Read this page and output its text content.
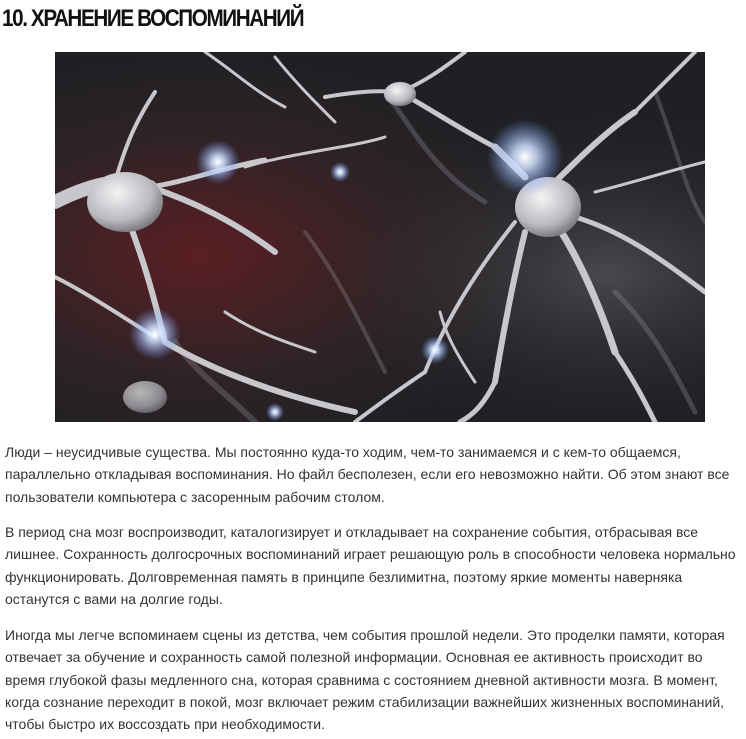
10. ХРАНЕНИЕ ВОСПОМИНАНИЙ

Люди – неусидчивые существа. Мы постоянно куда-то ходим, чем-то занимаемся и с кем-то общаемся, параллельно откладывая воспоминания. Но файл бесполезен, если его невозможно найти. Об этом знают все пользователи компьютера с засоренным рабочим столом.

В период сна мозг воспроизводит, каталогизирует и откладывает на сохранение события, отбрасывая все лишнее. Сохранность долгосрочных воспоминаний играет решающую роль в способности человека нормально функционировать. Долговременная память в принципе безлимитна, поэтому яркие моменты наверняка останутся с вами на долгие годы.

Иногда мы легче вспоминаем сцены из детства, чем события прошлой недели. Это проделки памяти, которая отвечает за обучение и сохранность самой полезной информации. Основная ее активность происходит во время глубокой фазы медленного сна, которая сравнима с состоянием дневной активности мозга. В момент, когда сознание переходит в покой, мозг включает режим стабилизации важнейших жизненных воспоминаний, чтобы быстро их воссоздать при необходимости.
